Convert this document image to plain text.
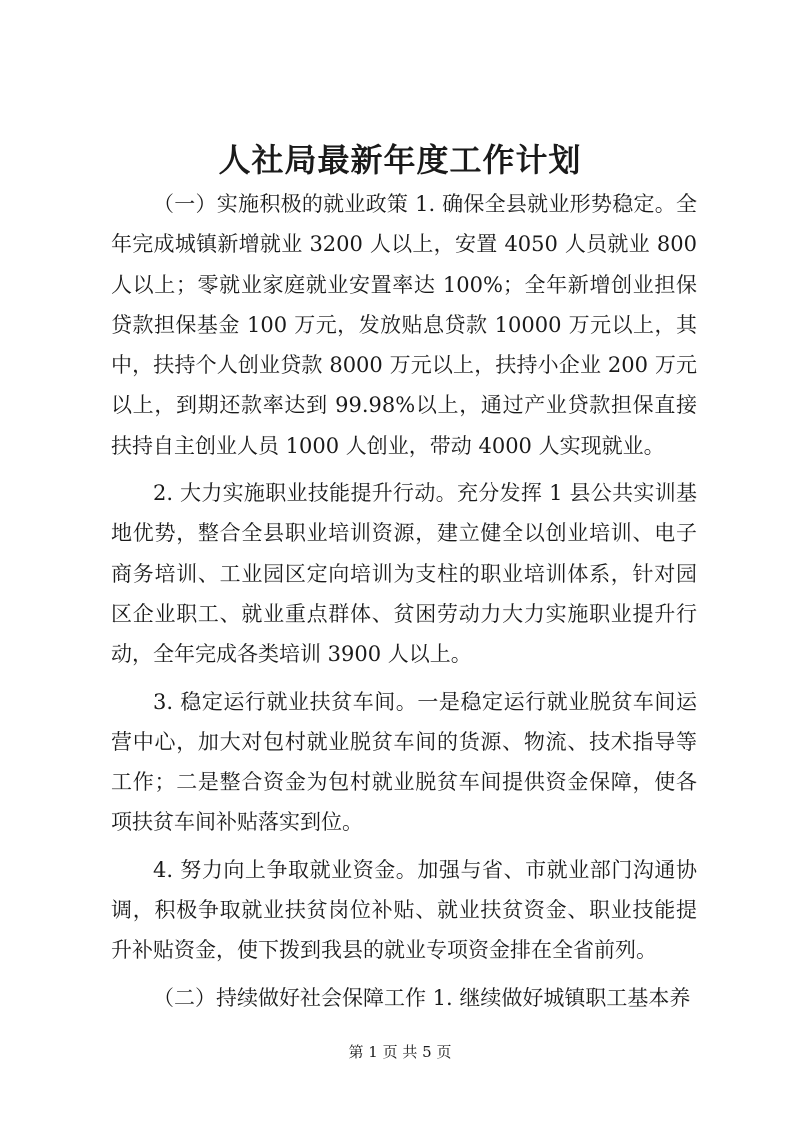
人社局最新年度工作计划

（一）实施积极的就业政策 1. 确保全县就业形势稳定。全年完成城镇新增就业 3200 人以上，安置 4050 人员就业 800 人以上；零就业家庭就业安置率达 100%；全年新增创业担保贷款担保基金 100 万元，发放贴息贷款 10000 万元以上，其中，扶持个人创业贷款 8000 万元以上，扶持小企业 200 万元以上，到期还款率达到 99.98%以上，通过产业贷款担保直接扶持自主创业人员 1000 人创业，带动 4000 人实现就业。

2. 大力实施职业技能提升行动。充分发挥 1 县公共实训基地优势，整合全县职业培训资源，建立健全以创业培训、电子商务培训、工业园区定向培训为支柱的职业培训体系，针对园区企业职工、就业重点群体、贫困劳动力大力实施职业提升行动，全年完成各类培训 3900 人以上。

3. 稳定运行就业扶贫车间。一是稳定运行就业脱贫车间运营中心，加大对包村就业脱贫车间的货源、物流、技术指导等工作；二是整合资金为包村就业脱贫车间提供资金保障，使各项扶贫车间补贴落实到位。

4. 努力向上争取就业资金。加强与省、市就业部门沟通协调，积极争取就业扶贫岗位补贴、就业扶贫资金、职业技能提升补贴资金，使下拨到我县的就业专项资金排在全省前列。

（二）持续做好社会保障工作 1. 继续做好城镇职工基本养

第 1 页 共 5 页
